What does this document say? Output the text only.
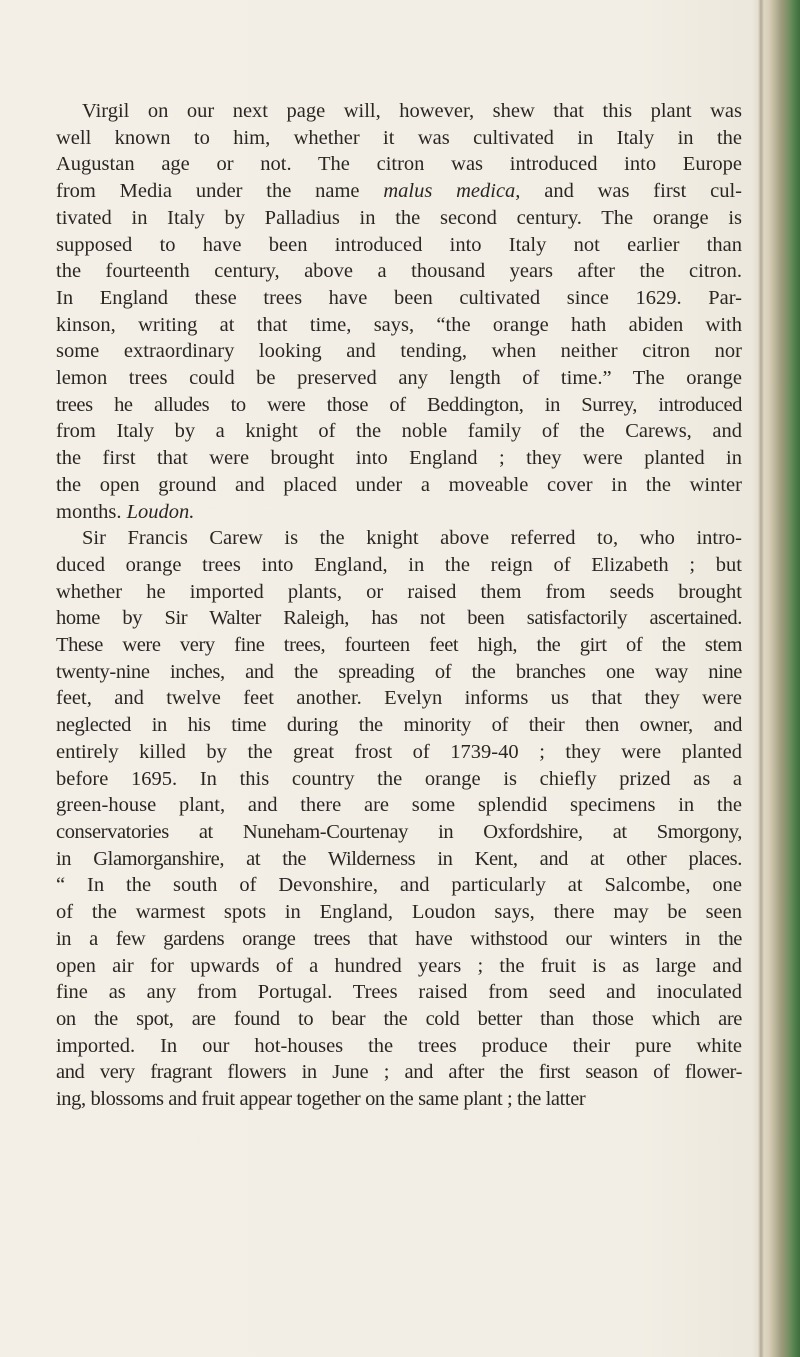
Virgil on our next page will, however, shew that this plant was
well known to him, whether it was cultivated in Italy in the
Augustan age or not. The citron was introduced into Europe
from Media under the name malus medica, and was first cul-
tivated in Italy by Palladius in the second century. The orange is
supposed to have been introduced into Italy not earlier than
the fourteenth century, above a thousand years after the citron.
In England these trees have been cultivated since 1629. Par-
kinson, writing at that time, says, “the orange hath abiden with
some extraordinary looking and tending, when neither citron nor
lemon trees could be preserved any length of time.” The orange
trees he alludes to were those of Beddington, in Surrey, introduced
from Italy by a knight of the noble family of the Carews, and
the first that were brought into England ; they were planted in
the open ground and placed under a moveable cover in the winter
months. Loudon.
Sir Francis Carew is the knight above referred to, who intro-
duced orange trees into England, in the reign of Elizabeth ; but
whether he imported plants, or raised them from seeds brought
home by Sir Walter Raleigh, has not been satisfactorily ascertained.
These were very fine trees, fourteen feet high, the girt of the stem
twenty-nine inches, and the spreading of the branches one way nine
feet, and twelve feet another. Evelyn informs us that they were
neglected in his time during the minority of their then owner, and
entirely killed by the great frost of 1739-40 ; they were planted
before 1695. In this country the orange is chiefly prized as a
green-house plant, and there are some splendid specimens in the
conservatories at Nuneham-Courtenay in Oxfordshire, at Smorgony,
in Glamorganshire, at the Wilderness in Kent, and at other places.
“ In the south of Devonshire, and particularly at Salcombe, one
of the warmest spots in England, Loudon says, there may be seen
in a few gardens orange trees that have withstood our winters in the
open air for upwards of a hundred years ; the fruit is as large and
fine as any from Portugal. Trees raised from seed and inoculated
on the spot, are found to bear the cold better than those which are
imported. In our hot-houses the trees produce their pure white
and very fragrant flowers in June ; and after the first season of flower-
ing, blossoms and fruit appear together on the same plant ; the latter
